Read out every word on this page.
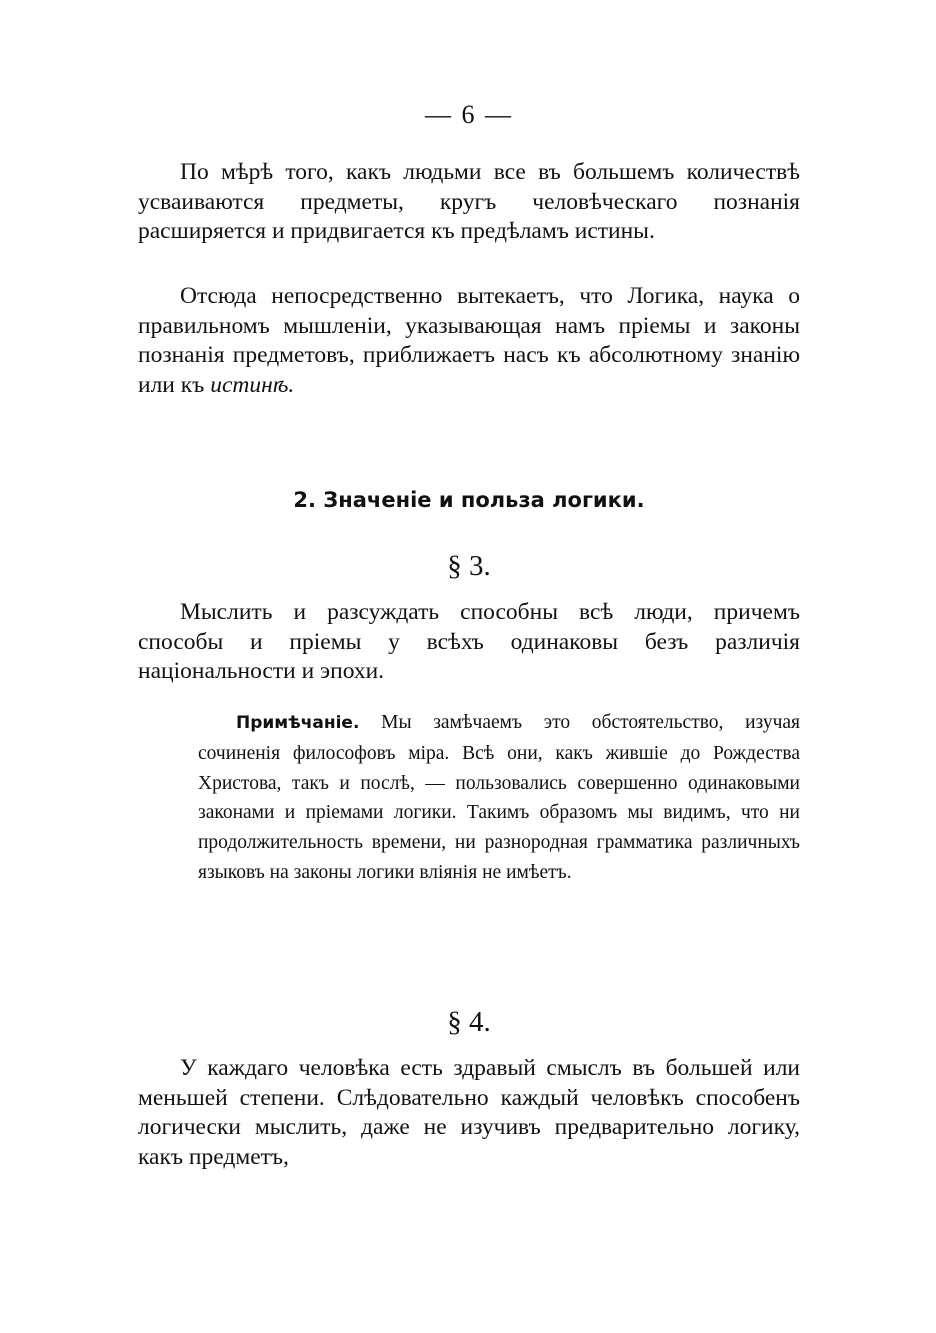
— 6 —

По мѣрѣ того, какъ людьми все въ большемъ количествѣ усваиваются предметы, кругъ человѣческаго познанія расширяется и придвигается къ предѣламъ истины.

Отсюда непосредственно вытекаетъ, что Логика, наука о правильномъ мышленіи, указывающая намъ пріемы и законы познанія предметовъ, приближаетъ насъ къ абсолютному знанію или къ истинѣ.

2. Значеніе и польза логики.
§ 3.

Мыслить и разсуждать способны всѣ люди, причемъ способы и пріемы у всѣхъ одинаковы безъ различія національности и эпохи.

Примѣчаніе. Мы замѣчаемъ это обстоятельство, изучая сочиненія философовъ міра. Всѣ они, какъ жившіе до Рождества Христова, такъ и послѣ, — пользовались совершенно одинаковыми законами и пріемами логики. Такимъ образомъ мы видимъ, что ни продолжительность времени, ни разнородная грамматика различныхъ языковъ на законы логики вліянія не имѣетъ.

§ 4.

У каждаго человѣка есть здравый смыслъ въ большей или меньшей степени. Слѣдовательно каждый человѣкъ способенъ логически мыслить, даже не изучивъ предварительно логику, какъ предметъ,
